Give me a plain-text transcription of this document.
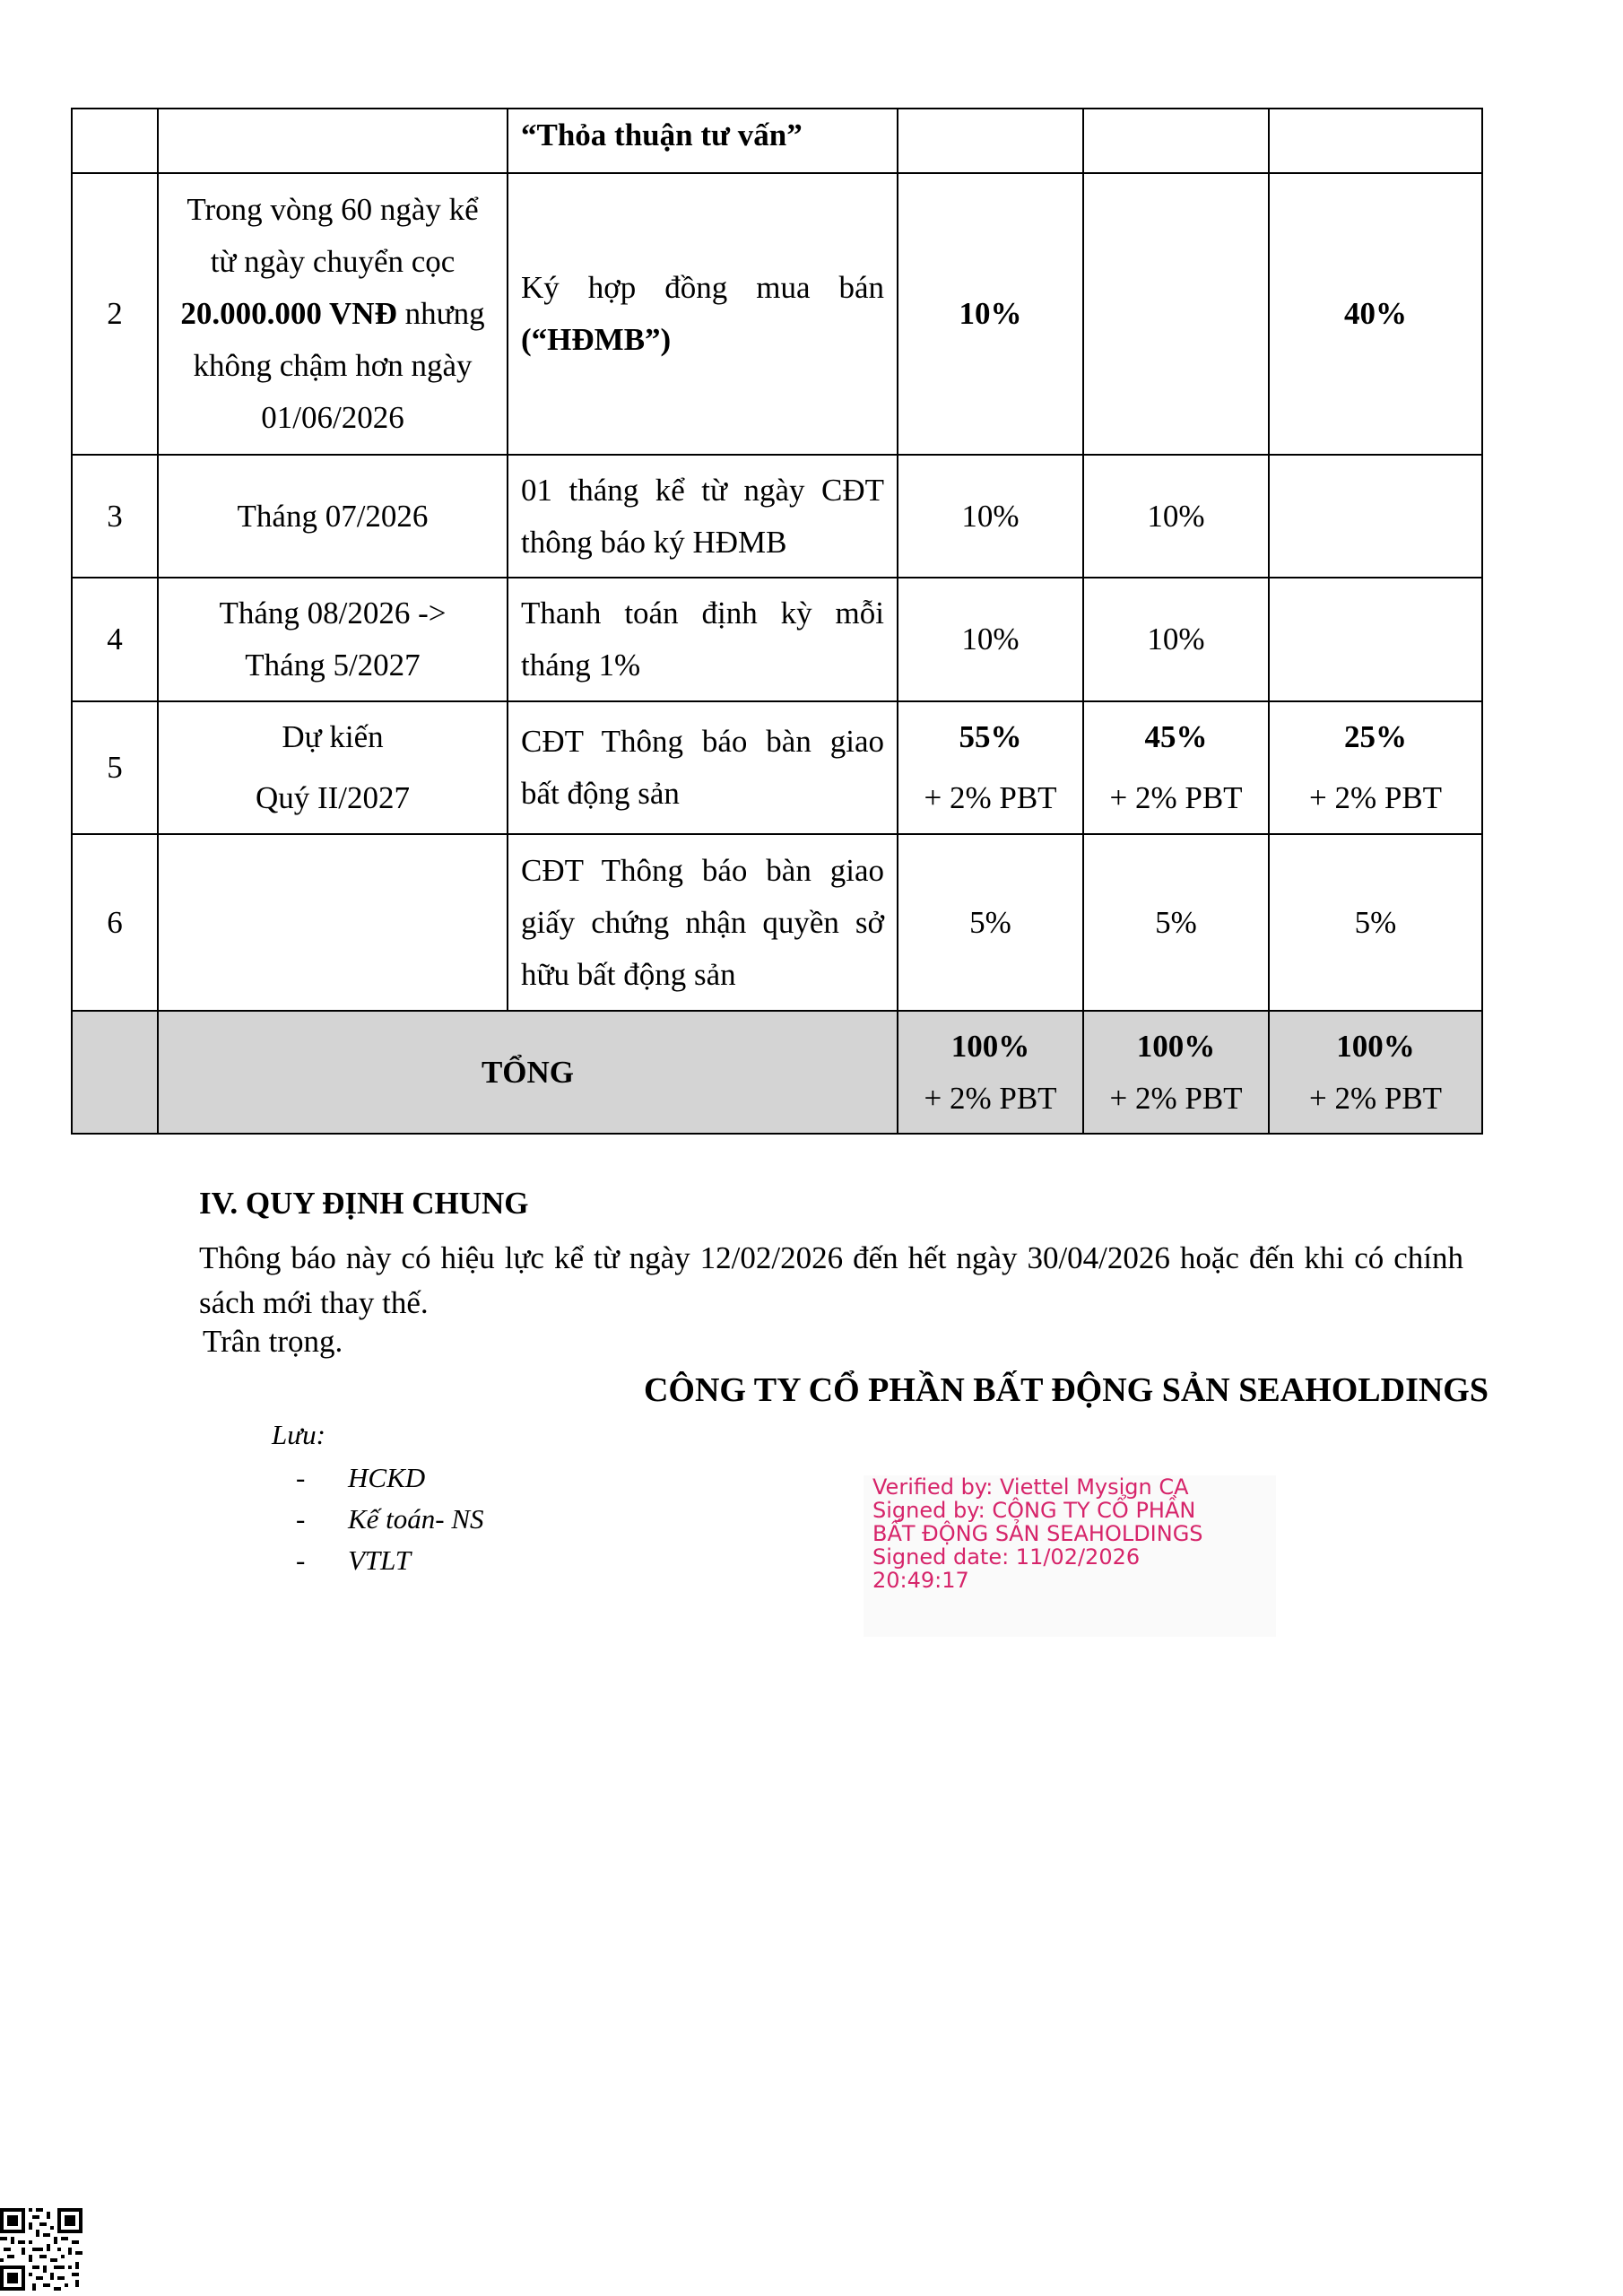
		“Thỏa thuận tư vấn”			
2	Trong vòng 60 ngày kể
từ ngày chuyển cọc
20.000.000 VNĐ nhưng
không chậm hơn ngày
01/06/2026	Ký hợp đồng mua bán
(“HĐMB”)	10%		40%
3	Tháng 07/2026	01 tháng kể từ ngày CĐT
thông báo ký HĐMB	10%	10%	
4	Tháng 08/2026 ->
Tháng 5/2027	Thanh toán định kỳ mỗi
tháng 1%	10%	10%	
5	Dự kiến
Quý II/2027	CĐT Thông báo bàn giao
bất động sản	55%
+ 2% PBT	45%
+ 2% PBT	25%
+ 2% PBT

6		CĐT Thông báo bàn giao
giấy chứng nhận quyền sở
hữu bất động sản	5%	5%	5%
	TỔNG		100%
+ 2% PBT	100%
+ 2% PBT	100%
+ 2% PBT
IV. QUY ĐỊNH CHUNG
Thông báo này có hiệu lực kể từ ngày 12/02/2026 đến hết ngày 30/04/2026 hoặc đến khi có chính sách mới thay thế.
Trân trọng.
CÔNG TY CỔ PHẦN BẤT ĐỘNG SẢN SEAHOLDINGS
Lưu:
- HCKD
- Kế toán- NS
- VTLT
Verified by: Viettel Mysign CA
Signed by: CÔNG TY CỔ PHẦN
BẤT ĐỘNG SẢN SEAHOLDINGS
Signed date: 11/02/2026
20:49:17
